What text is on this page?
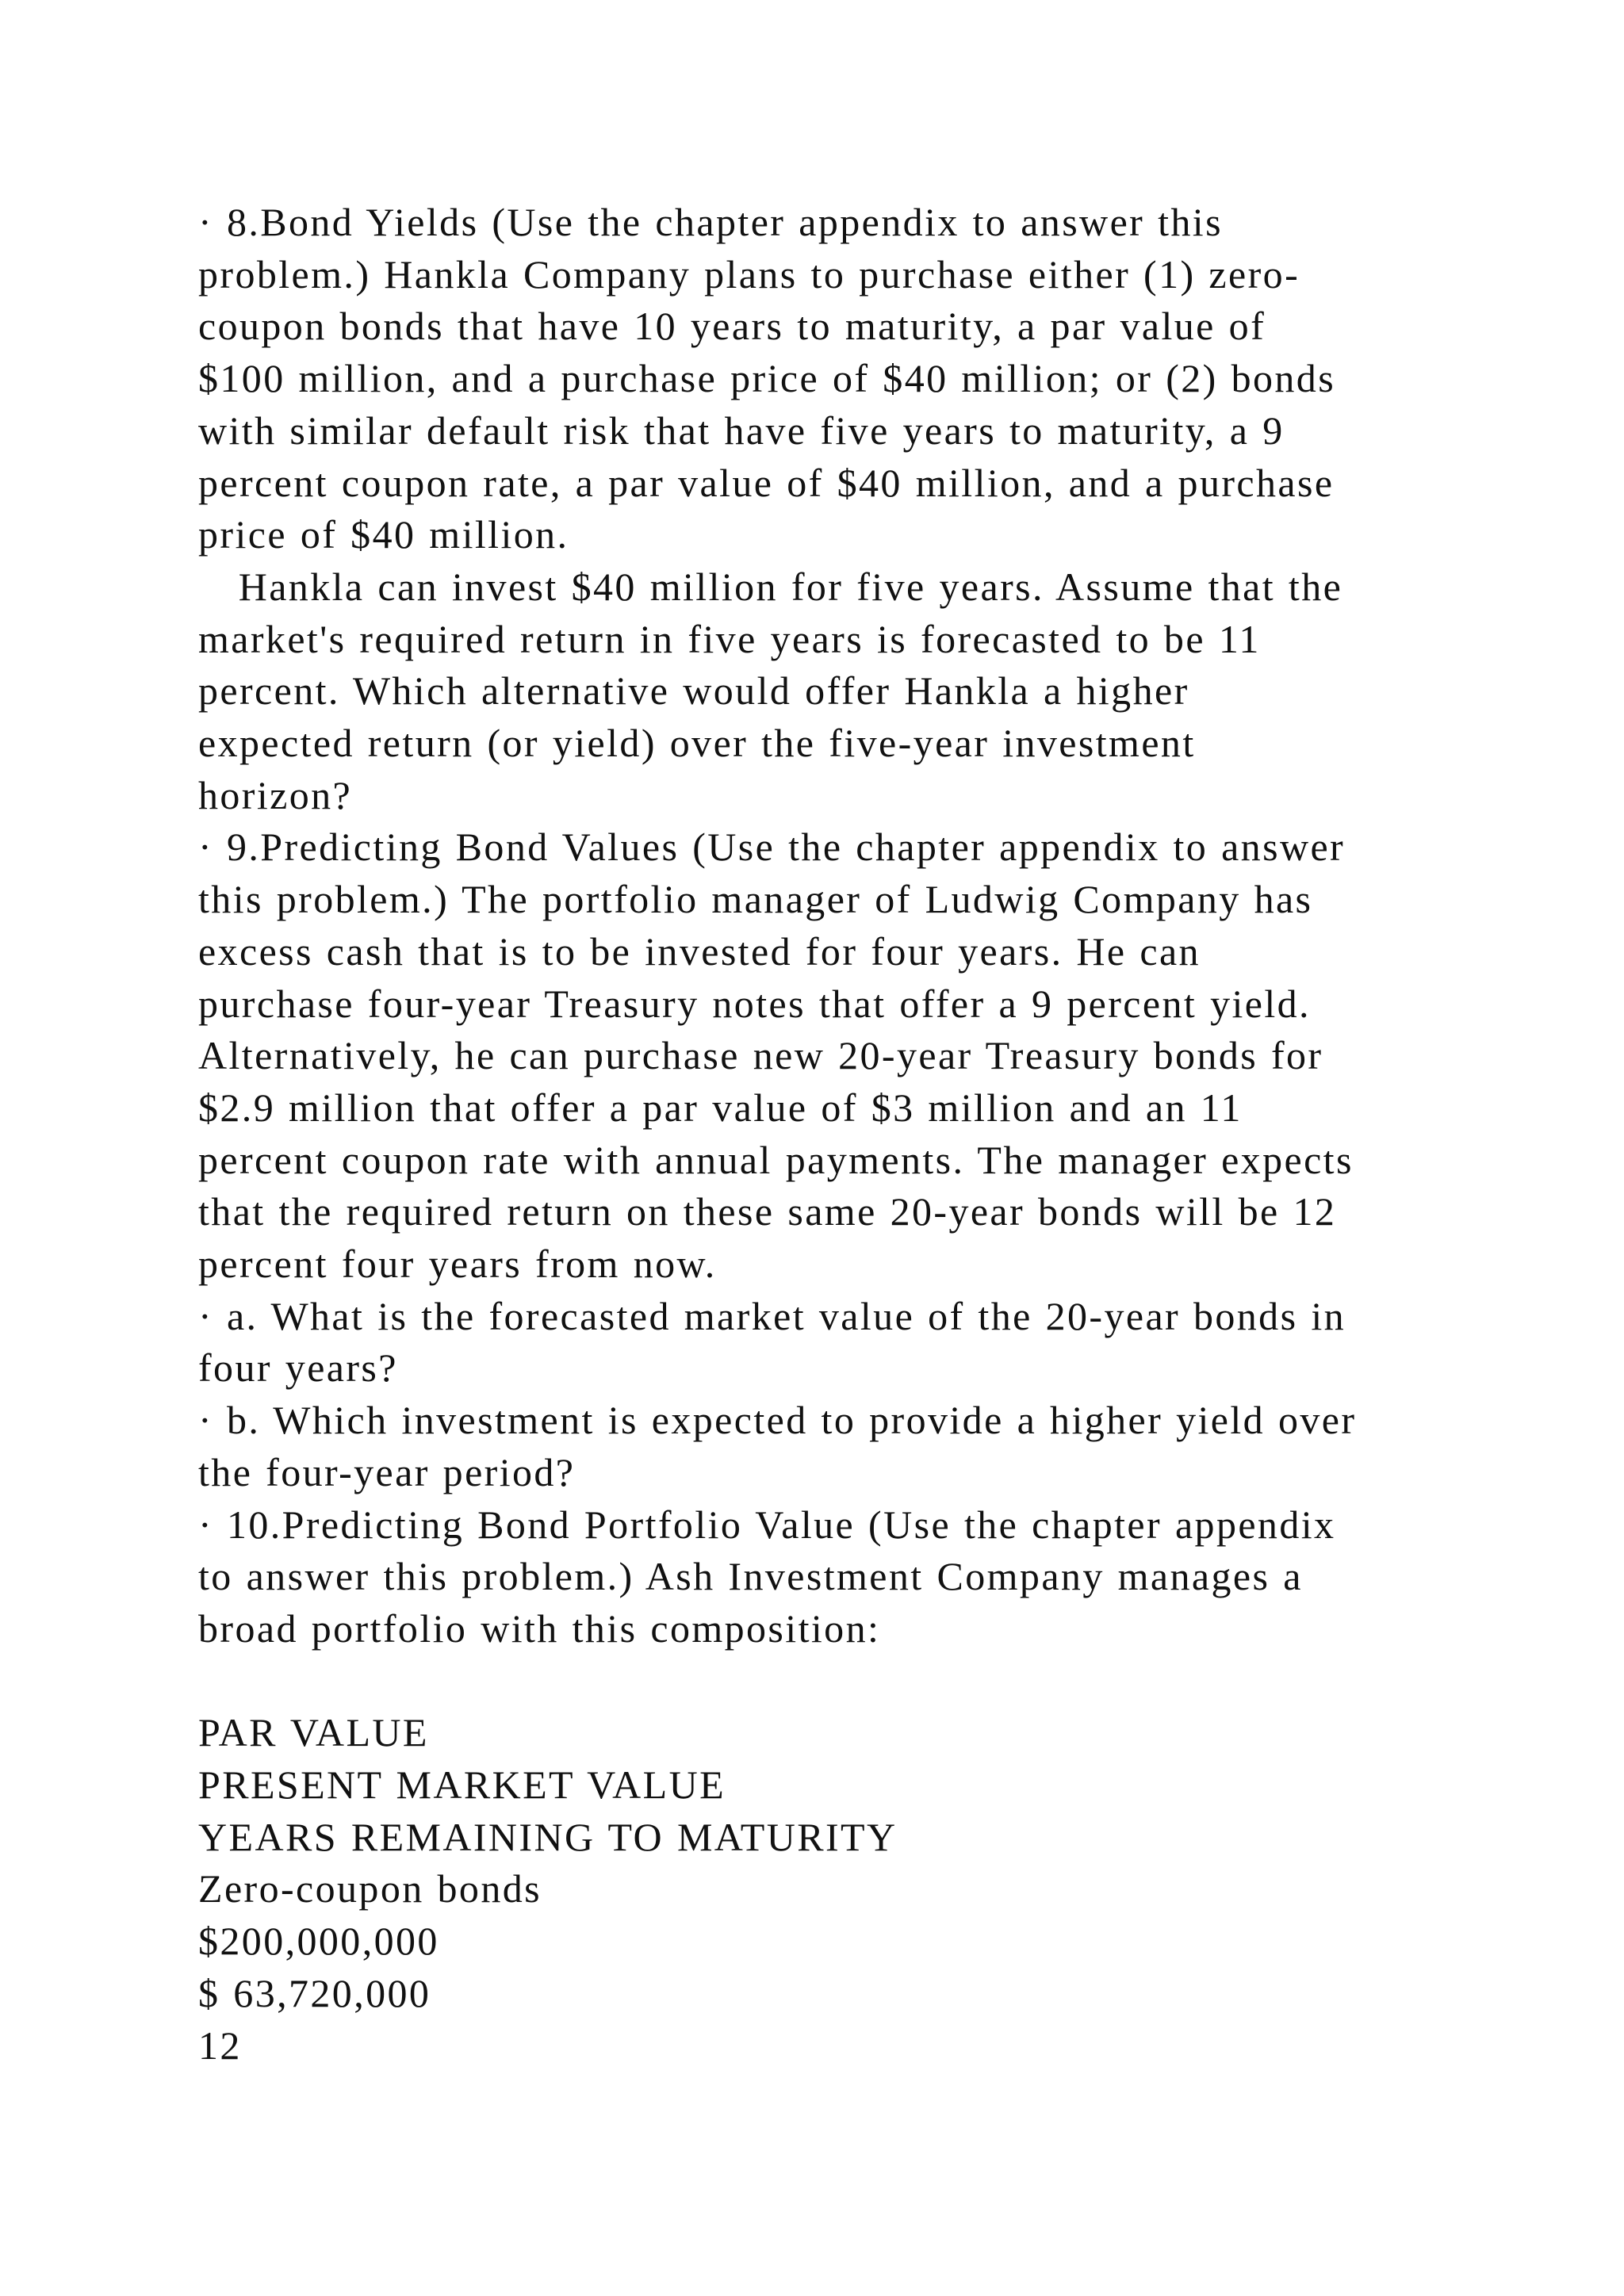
· 8.Bond Yields (Use the chapter appendix to answer this
problem.) Hankla Company plans to purchase either (1) zero-
coupon bonds that have 10 years to maturity, a par value of
$100 million, and a purchase price of $40 million; or (2) bonds
with similar default risk that have five years to maturity, a 9
percent coupon rate, a par value of $40 million, and a purchase
price of $40 million.
Hankla can invest $40 million for five years. Assume that the
market's required return in five years is forecasted to be 11
percent. Which alternative would offer Hankla a higher
expected return (or yield) over the five-year investment
horizon?
· 9.Predicting Bond Values (Use the chapter appendix to answer
this problem.) The portfolio manager of Ludwig Company has
excess cash that is to be invested for four years. He can
purchase four-year Treasury notes that offer a 9 percent yield.
Alternatively, he can purchase new 20-year Treasury bonds for
$2.9 million that offer a par value of $3 million and an 11
percent coupon rate with annual payments. The manager expects
that the required return on these same 20-year bonds will be 12
percent four years from now.
· a. What is the forecasted market value of the 20-year bonds in
four years?
· b. Which investment is expected to provide a higher yield over
the four-year period?
· 10.Predicting Bond Portfolio Value (Use the chapter appendix
to answer this problem.) Ash Investment Company manages a
broad portfolio with this composition:
PAR VALUE
PRESENT MARKET VALUE
YEARS REMAINING TO MATURITY
Zero-coupon bonds
$200,000,000
$ 63,720,000
12
